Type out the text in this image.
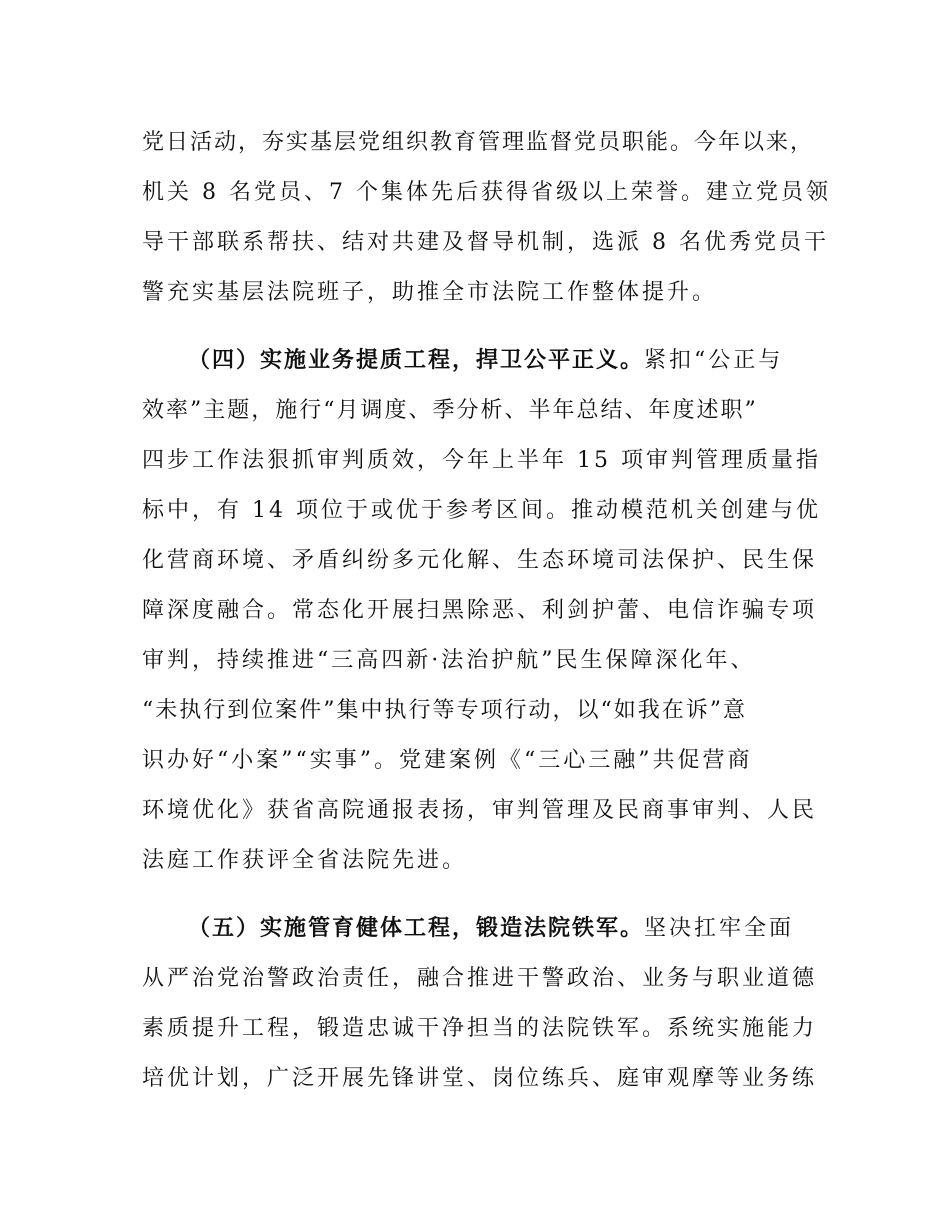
党日活动，夯实基层党组织教育管理监督党员职能。今年以来，
机关 8 名党员、7 个集体先后获得省级以上荣誉。建立党员领
导干部联系帮扶、结对共建及督导机制，选派 8 名优秀党员干
警充实基层法院班子，助推全市法院工作整体提升。
（四）实施业务提质工程，捍卫公平正义。紧扣“公正与
效率”主题，施行“月调度、季分析、半年总结、年度述职”
四步工作法狠抓审判质效，今年上半年 15 项审判管理质量指
标中，有 14 项位于或优于参考区间。推动模范机关创建与优
化营商环境、矛盾纠纷多元化解、生态环境司法保护、民生保
障深度融合。常态化开展扫黑除恶、利剑护蕾、电信诈骗专项
审判，持续推进“三高四新·法治护航”民生保障深化年、
“未执行到位案件”集中执行等专项行动，以“如我在诉”意
识办好“小案”“实事”。党建案例《“三心三融”共促营商
环境优化》获省高院通报表扬，审判管理及民商事审判、人民
法庭工作获评全省法院先进。
（五）实施管育健体工程，锻造法院铁军。坚决扛牢全面
从严治党治警政治责任，融合推进干警政治、业务与职业道德
素质提升工程，锻造忠诚干净担当的法院铁军。系统实施能力
培优计划，广泛开展先锋讲堂、岗位练兵、庭审观摩等业务练
